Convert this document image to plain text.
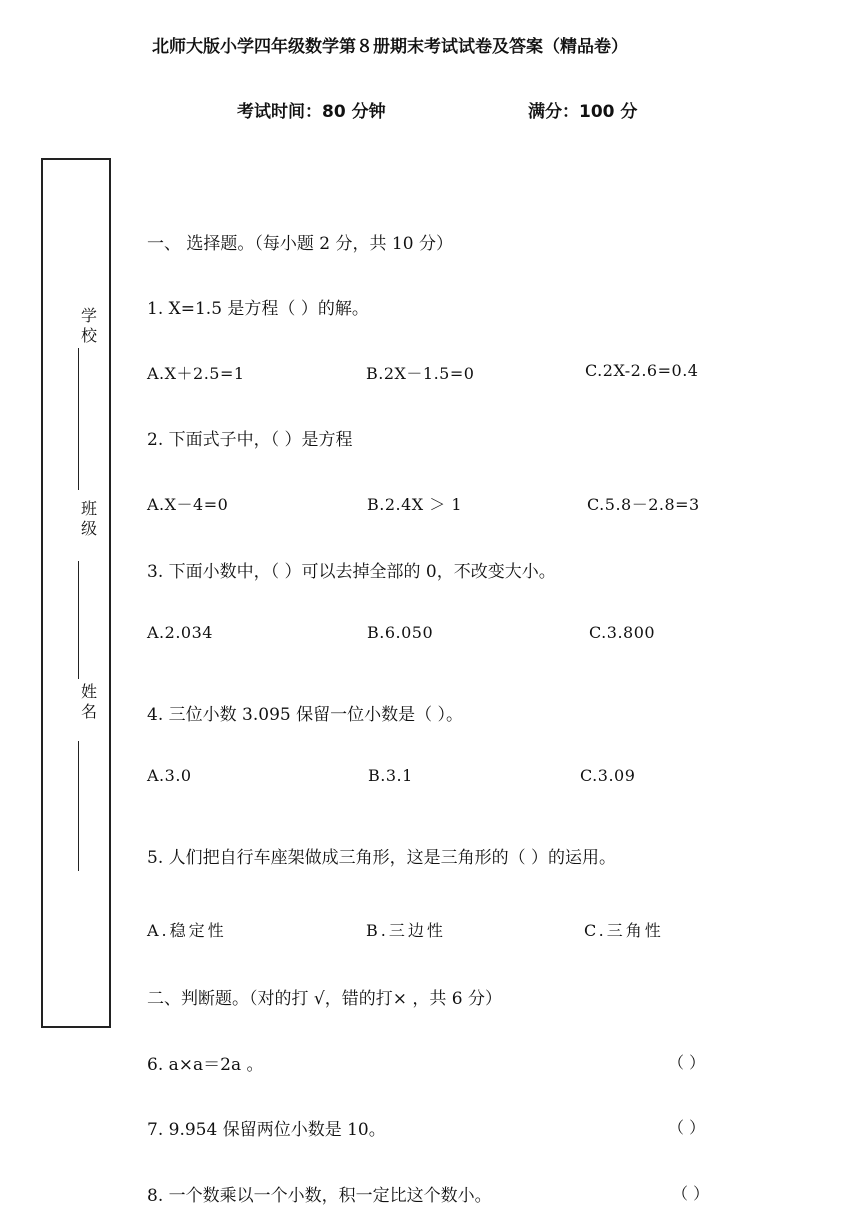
北师大版小学四年级数学第８册期末考试试卷及答案（精品卷）
考试时间：80 分钟	满分：100 分
学
校
班
级
姓
名
一、 选择题。（每小题 2 分，共 10 分）
1. X=1.5 是方程（ ）的解。
A.X＋2.5=1	B.2X－1.5=0	C.2X-2.6=0.4
2. 下面式子中，（ ）是方程
A.X－4=0	B.2.4X ＞ 1	C.5.8－2.8=3
3. 下面小数中，（ ）可以去掉全部的 0，不改变大小。
A.2.034	B.6.050	C.3.800
4. 三位小数 3.095 保留一位小数是（ ）。
A.3.0	B.3.1	C.3.09
5. 人们把自行车座架做成三角形，这是三角形的（ ）的运用。
A.稳定性	B.三边性	C.三角性
二、判断题。（对的打 √，错的打× ，共 6 分）
6. a×a＝2a 。	（ ）
7. 9.954 保留两位小数是 10。	（ ）
8. 一个数乘以一个小数，积一定比这个数小。	（ ）
